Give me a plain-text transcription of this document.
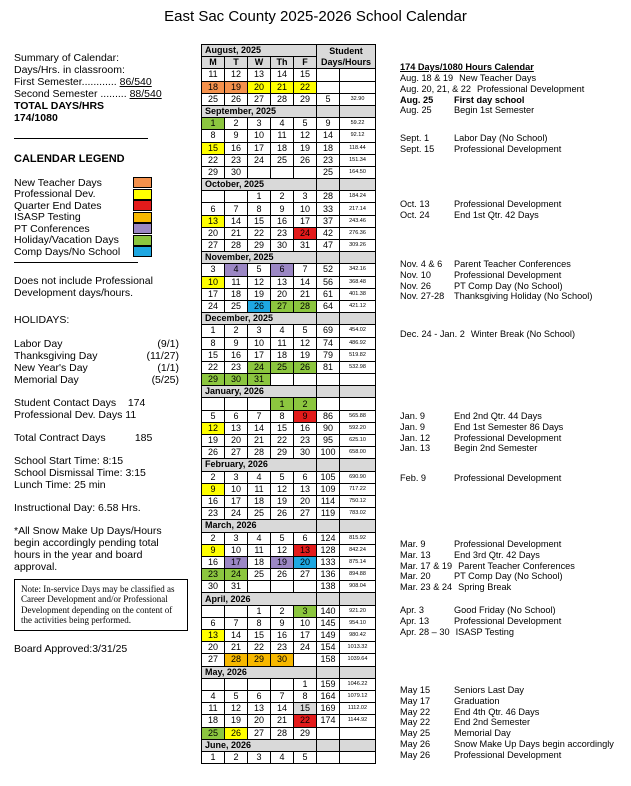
East Sac County 2025-2026 School Calendar
Summary of Calendar:
Days/Hrs. in classroom:
First Semester............ 86/540
Second Semester ......... 88/540
TOTAL DAYS/HRS
174/1080
CALENDAR LEGEND
New Teacher Days
Professional Dev.
Quarter End Dates
ISASP Testing
PT Conferences
Holiday/Vacation Days
Comp Days/No School
Does not include Professional Development days/hours.
HOLIDAYS:
Labor Day	(9/1)
Thanksgiving Day	(11/27)
New Year's Day	(1/1)
Memorial Day	(5/25)
Student Contact Days 174
Professional Dev. Days 11
Total Contract Days	185
School Start Time: 8:15
School Dismissal Time: 3:15
Lunch Time: 25 min
Instructional Day: 6.58 Hrs.
*All Snow Make Up Days/Hours begin accordingly pending total hours in the year and board approval.
Note: In-service Days may be classified as Career Development and/or Professional Development depending on the content of the activities being performed.
Board Approved:3/31/25
August, 2025					Student
Days/Hours	

M	T	W	Th	F		
11	12	13	14	15		
18	19	20	21	22		
25	26	27	28	29	5	32.90
September, 2025						
1	2	3	4	5	9	59.22
8	9	10	11	12	14	92.12
15	16	17	18	19	18	118.44
22	23	24	25	26	23	151.34
29	30				25	164.50
October, 2025						
		1	2	3	28	184.24
6	7	8	9	10	33	217.14
13	14	15	16	17	37	243.46
20	21	22	23	24	42	276.36
27	28	29	30	31	47	309.26
November, 2025						
3	4	5	6	7	52	342.16
10	11	12	13	14	56	368.48
17	18	19	20	21	61	401.38
24	25	26	27	28	64	421.12
December, 2025						
1	2	3	4	5	69	454.02
8	9	10	11	12	74	486.92
15	16	17	18	19	79	519.82
22	23	24	25	26	81	532.98
29	30	31				
January, 2026						
			1	2		
5	6	7	8	9	86	565.88
12	13	14	15	16	90	592.20
19	20	21	22	23	95	625.10
26	27	28	29	30	100	658.00
February, 2026						
2	3	4	5	6	105	690.90
9	10	11	12	13	109	717.22
16	17	18	19	20	114	750.12
23	24	25	26	27	119	783.02
March, 2026						
2	3	4	5	6	124	815.92
9	10	11	12	13	128	842.24
16	17	18	19	20	133	875.14
23	24	25	26	27	136	894.88
30	31				138	908.04
April, 2026						
		1	2	3	140	921.20
6	7	8	9	10	145	954.10
13	14	15	16	17	149	980.42
20	21	22	23	24	154	1013.32
27	28	29	30		158	1039.64
May, 2026						
				1	159	1046.22
4	5	6	7	8	164	1079.12
11	12	13	14	15	169	1112.02
18	19	20	21	22	174	1144.92
25	26	27	28	29		
June, 2026						
1	2	3	4	5		
174 Days/1080 Hours Calendar
Aug. 18 & 19 New Teacher Days
Aug. 20, 21, & 22 Professional Development
Aug. 25 First day school
Aug. 25 Begin 1st Semester
Sept. 1	Labor Day (No School)
Sept. 15 Professional Development
Oct. 13	Professional Development
Oct. 24	End 1st Qtr. 42 Days
Nov. 4 & 6 Parent Teacher Conferences
Nov. 10	Professional Development
Nov. 26	PT Comp Day (No School)
Nov. 27-28 Thanksgiving Holiday (No School)
Dec. 24 - Jan. 2 Winter Break (No School)
Jan. 9	End 2nd Qtr. 44 Days
Jan. 9	End 1st Semester 86 Days
Jan. 12	Professional Development
Jan. 13	Begin 2nd Semester
Feb. 9	Professional Development
Mar. 9	Professional Development
Mar. 13	End 3rd Qtr. 42 Days
Mar. 17 & 19 Parent Teacher Conferences
Mar. 20	PT Comp Day (No School)
Mar. 23 & 24 Spring Break
Apr. 3	Good Friday (No School)
Apr. 13	Professional Development
Apr. 28 – 30 ISASP Testing
May 15	Seniors Last Day
May 17	Graduation
May 22	End 4th Qtr. 46 Days
May 22	End 2nd Semester
May 25	Memorial Day
May 26	Snow Make Up Days begin accordingly
May 26	Professional Development
